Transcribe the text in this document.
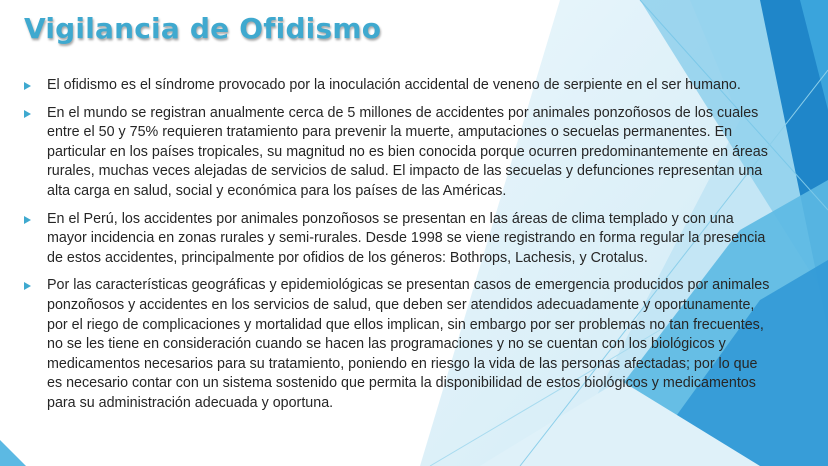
Vigilancia de Ofidismo
El ofidismo es el síndrome provocado por la inoculación accidental de veneno de serpiente en el ser humano.
En el mundo se registran anualmente cerca de 5 millones de accidentes por animales ponzoñosos de los cuales entre el 50 y 75% requieren tratamiento para prevenir la muerte, amputaciones o secuelas permanentes. En particular en los países tropicales, su magnitud no es bien conocida porque ocurren predominantemente en áreas rurales, muchas veces alejadas de servicios de salud. El impacto de las secuelas y defunciones representan una alta carga en salud, social y económica para los países de las Américas.
En el Perú, los accidentes por animales ponzoñosos se presentan en las áreas de clima templado y con una mayor incidencia en zonas rurales y semi-rurales. Desde 1998 se viene registrando en forma regular la presencia de estos accidentes, principalmente por ofidios de los géneros: Bothrops, Lachesis, y Crotalus.
Por las características geográficas y epidemiológicas se presentan casos de emergencia producidos por animales ponzoñosos y accidentes en los servicios de salud, que deben ser atendidos adecuadamente y oportunamente, por el riego de complicaciones y mortalidad que ellos implican, sin embargo por ser problemas no tan frecuentes, no se les tiene en consideración cuando se hacen las programaciones y no se cuentan con los biológicos y medicamentos necesarios para su tratamiento, poniendo en riesgo la vida de las personas afectadas; por lo que es necesario contar con un sistema sostenido que permita la disponibilidad de estos biológicos y medicamentos para su administración adecuada y oportuna.
